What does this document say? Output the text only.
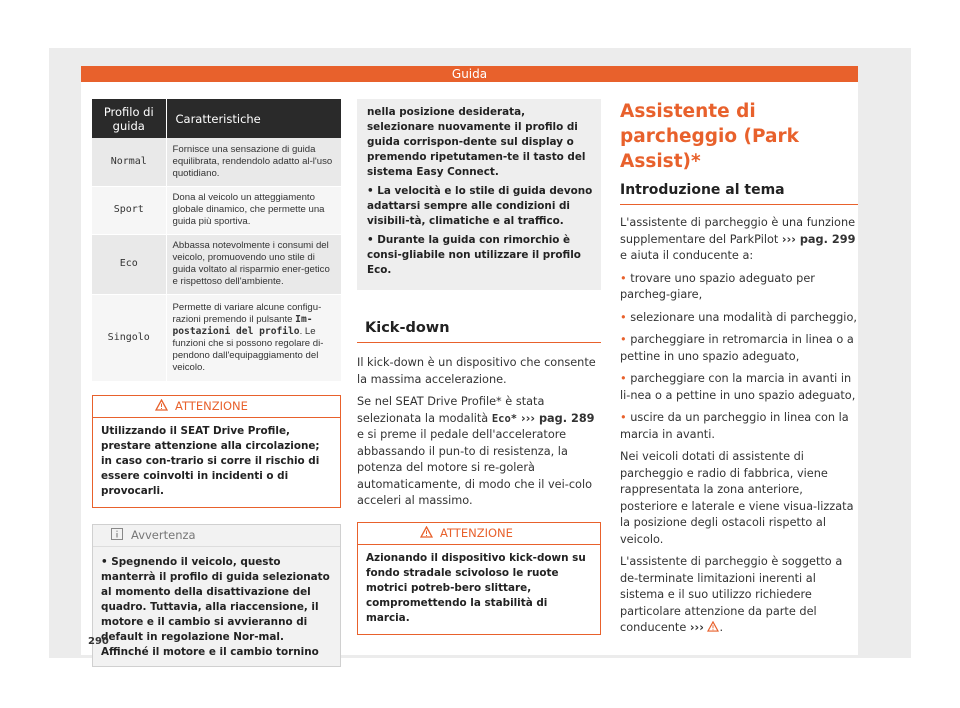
Guida
Profilo di guida	Caratteristiche
Normal	Fornisce una sensazione di guida equilibrata, rendendolo adatto al-l'uso quotidiano.
Sport	Dona al veicolo un atteggiamento globale dinamico, che permette una guida più sportiva.
Eco	Abbassa notevolmente i consumi del veicolo, promuovendo uno stile di guida voltato al risparmio ener-getico e rispettoso dell'ambiente.
Singolo	Permette di variare alcune configu-razioni premendo il pulsante Im-postazioni del profilo. Le funzioni che si possono regolare di-pendono dall'equipaggiamento del veicolo.
ATTENZIONE
Utilizzando il SEAT Drive Profile, prestare attenzione alla circolazione; in caso con-trario si corre il rischio di essere coinvolti in incidenti o di provocarli.
Avvertenza
• Spegnendo il veicolo, questo manterrà il profilo di guida selezionato al momento della disattivazione del quadro. Tuttavia, alla riaccensione, il motore e il cambio si avvieranno di default in regolazione Nor-mal. Affinché il motore e il cambio tornino

nella posizione desiderata, selezionare nuovamente il profilo di guida corrispon-dente sul display o premendo ripetutamen-te il tasto del sistema Easy Connect.

• La velocità e lo stile di guida devono adattarsi sempre alle condizioni di visibili-tà, climatiche e al traffico.

• Durante la guida con rimorchio è consi-gliabile non utilizzare il profilo Eco.

Kick-down

Il kick-down è un dispositivo che consente la massima accelerazione.

Se nel SEAT Drive Profile* è stata selezionata la modalità Eco* ››› pag. 289 e si preme il pedale dell'acceleratore abbassando il pun-to di resistenza, la potenza del motore si re-golerà automaticamente, di modo che il vei-colo acceleri al massimo.

ATTENZIONE
Azionando il dispositivo kick-down su fondo stradale scivoloso le ruote motrici potreb-bero slittare, compromettendo la stabilità di marcia.
Assistente di parcheggio (Park Assist)*
Introduzione al tema

L'assistente di parcheggio è una funzione supplementare del ParkPilot ››› pag. 299 e aiuta il conducente a:

• trovare uno spazio adeguato per parcheg-giare,

• selezionare una modalità di parcheggio,

• parcheggiare in retromarcia in linea o a pettine in uno spazio adeguato,

• parcheggiare con la marcia in avanti in li-nea o a pettine in uno spazio adeguato,

• uscire da un parcheggio in linea con la marcia in avanti.

Nei veicoli dotati di assistente di parcheggio e radio di fabbrica, viene rappresentata la zona anteriore, posteriore e laterale e viene visua-lizzata la posizione degli ostacoli rispetto al veicolo.

L'assistente di parcheggio è soggetto a de-terminate limitazioni inerenti al sistema e il suo utilizzo richiedere particolare attenzione da parte del conducente ››› .

290
